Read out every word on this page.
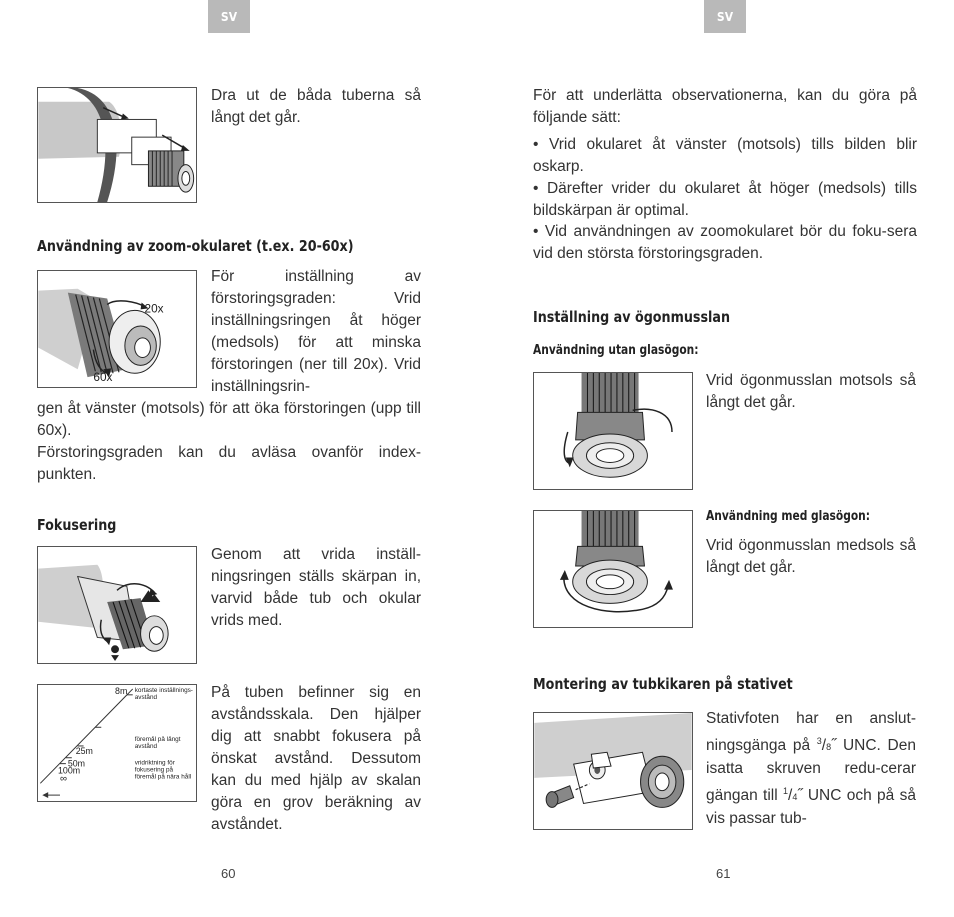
SV
Dra ut de båda tuberna så långt det går.
Användning av zoom-okularet (t.ex. 20-60x)
20x
60x
För inställning av förstoringsgraden: Vrid inställningsringen åt höger (medsols) för att minska förstoringen (ner till 20x). Vrid inställningsrin-
gen åt vänster (motsols) för att öka förstoringen (upp till 60x).
Förstoringsgraden kan du avläsa ovanför index-punkten.
Fokusering
Genom att vrida inställ-ningsringen ställs skärpan in, varvid både tub och okular vrids med.
8m
25m
50m
100m
∞
kortaste inställnings- avstånd
föremål på långt avstånd
vridriktning för fokusering på föremål på nära håll
På tuben befinner sig en avståndsskala. Den hjälper dig att snabbt fokusera på önskat avstånd. Dessutom kan du med hjälp av skalan göra en grov beräkning av avståndet.
60
SV
För att underlätta observationerna, kan du göra på följande sätt:
• Vrid okularet åt vänster (motsols) tills bilden blir oskarp.
• Därefter vrider du okularet åt höger (medsols) tills bildskärpan är optimal.
• Vid användningen av zoomokularet bör du foku-sera vid den största förstoringsgraden.
Inställning av ögonmusslan
Användning utan glasögon:
Vrid ögonmusslan motsols så långt det går.
Användning med glasögon:
Vrid ögonmusslan medsols så långt det går.
Montering av tubkikaren på stativet
Stativfoten har en anslut-ningsgänga på $^3$/8˝ UNC. Den isatta skruven redu-cerar gängan till $^1$/4˝ UNC och på så vis passar tub-
61
